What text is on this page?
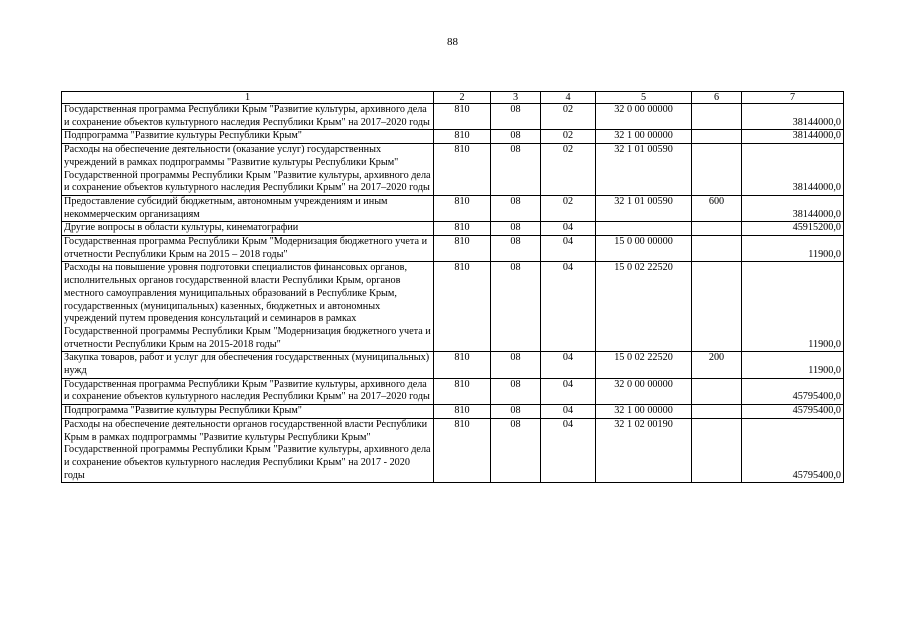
88
1	2	3	4	5	6	7
Государственная программа Республики Крым "Развитие культуры, архивного дела и сохранение объектов культурного наследия Республики Крым" на 2017–2020 годы	810	08	02	32 0 00 00000		38144000,0
Подпрограмма "Развитие культуры Республики Крым"	810	08	02	32 1 00 00000		38144000,0
Расходы на обеспечение деятельности (оказание услуг) государственных учреждений в рамках подпрограммы "Развитие культуры Республики Крым" Государственной программы Республики Крым "Развитие культуры, архивного дела и сохранение объектов культурного наследия Республики Крым" на 2017–2020 годы	810	08	02	32 1 01 00590		38144000,0
Предоставление субсидий бюджетным, автономным учреждениям и иным некоммерческим организациям	810	08	02	32 1 01 00590	600	38144000,0
Другие вопросы в области культуры, кинематографии	810	08	04			45915200,0
Государственная программа Республики Крым "Модернизация бюджетного учета и отчетности Республики Крым на 2015 – 2018 годы"	810	08	04	15 0 00 00000		11900,0
Расходы на повышение уровня подготовки специалистов финансовых органов, исполнительных органов государственной власти Республики Крым, органов местного самоуправления муниципальных образований в Республике Крым, государственных (муниципальных) казенных, бюджетных и автономных учреждений путем проведения консультаций и семинаров в рамках Государственной программы Республики Крым "Модернизация бюджетного учета и отчетности Республики Крым на 2015-2018 годы"	810	08	04	15 0 02 22520		11900,0
Закупка товаров, работ и услуг для обеспечения государственных (муниципальных) нужд	810	08	04	15 0 02 22520	200	11900,0
Государственная программа Республики Крым "Развитие культуры, архивного дела и сохранение объектов культурного наследия Республики Крым" на 2017–2020 годы	810	08	04	32 0 00 00000		45795400,0
Подпрограмма "Развитие культуры Республики Крым"	810	08	04	32 1 00 00000		45795400,0
Расходы на обеспечение деятельности органов государственной власти Республики Крым в рамках подпрограммы "Развитие культуры Республики Крым" Государственной программы Республики Крым "Развитие культуры, архивного дела и сохранение объектов культурного наследия Республики Крым" на 2017 - 2020 годы	810	08	04	32 1 02 00190		45795400,0
